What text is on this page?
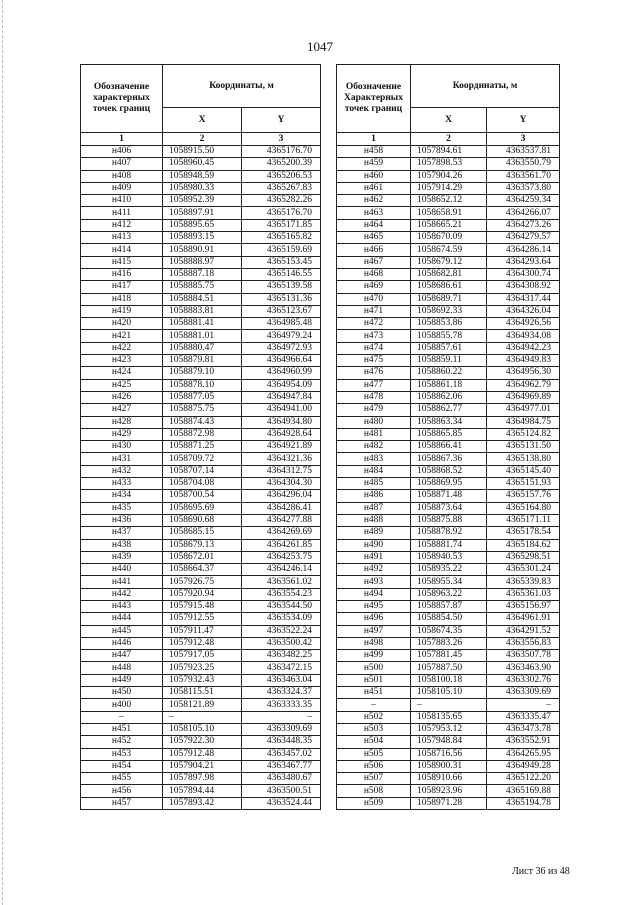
1047
Обозначение характерных точек границ	Координаты, м	
	X	Y
1	2	3
н406	1058915.50	4365176.70
н407	1058960.45	4365200.39
н408	1058948.59	4365206.53
н409	1058980.33	4365267.83
н410	1058952.39	4365282.26
н411	1058897.91	4365176.70
н412	1058895.65	4365171.85
н413	1058893.15	4365165.82
н414	1058890.91	4365159.69
н415	1058888.97	4365153.45
н416	1058887.18	4365146.55
н417	1058885.75	4365139.58
н418	1058884.51	4365131.36
н419	1058883.81	4365123.67
н420	1058881.41	4364985.48
н421	1058881.01	4364979.24
н422	1058880.47	4364972.93
н423	1058879.81	4364966.64
н424	1058879.10	4364960.99
н425	1058878.10	4364954.09
н426	1058877.05	4364947.84
н427	1058875.75	4364941.00
н428	1058874.43	4364934.80
н429	1058872.98	4364928.64
н430	1058871.25	4364921.89
н431	1058709.72	4364321.36
н432	1058707.14	4364312.75
н433	1058704.08	4364304.30
н434	1058700.54	4364296.04
н435	1058695.69	4364286.41
н436	1058690.68	4364277.88
н437	1058685.15	4364269.69
н438	1058679.13	4364261.85
н439	1058672.01	4364253.75
н440	1058664.37	4364246.14
н441	1057926.75	4363561.02
н442	1057920.94	4363554.23
н443	1057915.48	4363544.50
н444	1057912.55	4363534.09
н445	1057911.47	4363522.24
н446	1057912.48	4363500.42
н447	1057917.05	4363482.25
н448	1057923.25	4363472.15
н449	1057932.43	4363463.04
н450	1058115.51	4363324.37
н400	1058121.89	4363333.35
–	–	–
н451	1058105.10	4363309.69
н452	1057922.30	4363448.35
н453	1057912.48	4363457.02
н454	1057904.21	4363467.77
н455	1057897.98	4363480.67
н456	1057894.44	4363500.51
н457	1057893.42	4363524.44
Обозначение Характерных точек границ	Координаты, м	
	X	Y
1	2	3
н458	1057894.61	4363537.81
н459	1057898.53	4363550.79
н460	1057904.26	4363561.70
н461	1057914.29	4363573.80
н462	1058652.12	4364259.34
н463	1058658.91	4364266.07
н464	1058665.21	4364273.26
н465	1058670.09	4364279.57
н466	1058674.59	4364286.14
н467	1058679.12	4364293.64
н468	1058682.81	4364300.74
н469	1058686.61	4364308.92
н470	1058689.71	4364317.44
н471	1058692.33	4364326.04
н472	1058853.86	4364926.56
н473	1058855.78	4364934.08
н474	1058857.61	4364942.23
н475	1058859.11	4364949.83
н476	1058860.22	4364956.30
н477	1058861.18	4364962.79
н478	1058862.06	4364969.89
н479	1058862.77	4364977.01
н480	1058863.34	4364984.75
н481	1058865.85	4365124.82
н482	1058866.41	4365131.50
н483	1058867.36	4365138.80
н484	1058868.52	4365145.40
н485	1058869.95	4365151.93
н486	1058871.48	4365157.76
н487	1058873.64	4365164.80
н488	1058875.88	4365171.11
н489	1058878.92	4365178.54
н490	1058881.74	4365184.62
н491	1058940.53	4365298.51
н492	1058935.22	4365301.24
н493	1058955.34	4365339.83
н494	1058963.22	4365361.03
н495	1058857.87	4365156.97
н496	1058854.50	4364961.91
н497	1058674.35	4364291.52
н498	1057883.26	4363556.83
н499	1057881.45	4363507.78
н500	1057887.50	4363463.90
н501	1058100.18	4363302.76
н451	1058105.10	4363309.69
–	–	–
н502	1058135.65	4363335.47
н503	1057953.12	4363473.78
н504	1057948.84	4363552.91
н505	1058716.56	4364265.95
н506	1058900.31	4364949.28
н507	1058910.66	4365122.20
н508	1058923.96	4365169.88
н509	1058971.28	4365194.78
Лист 36 из 48
